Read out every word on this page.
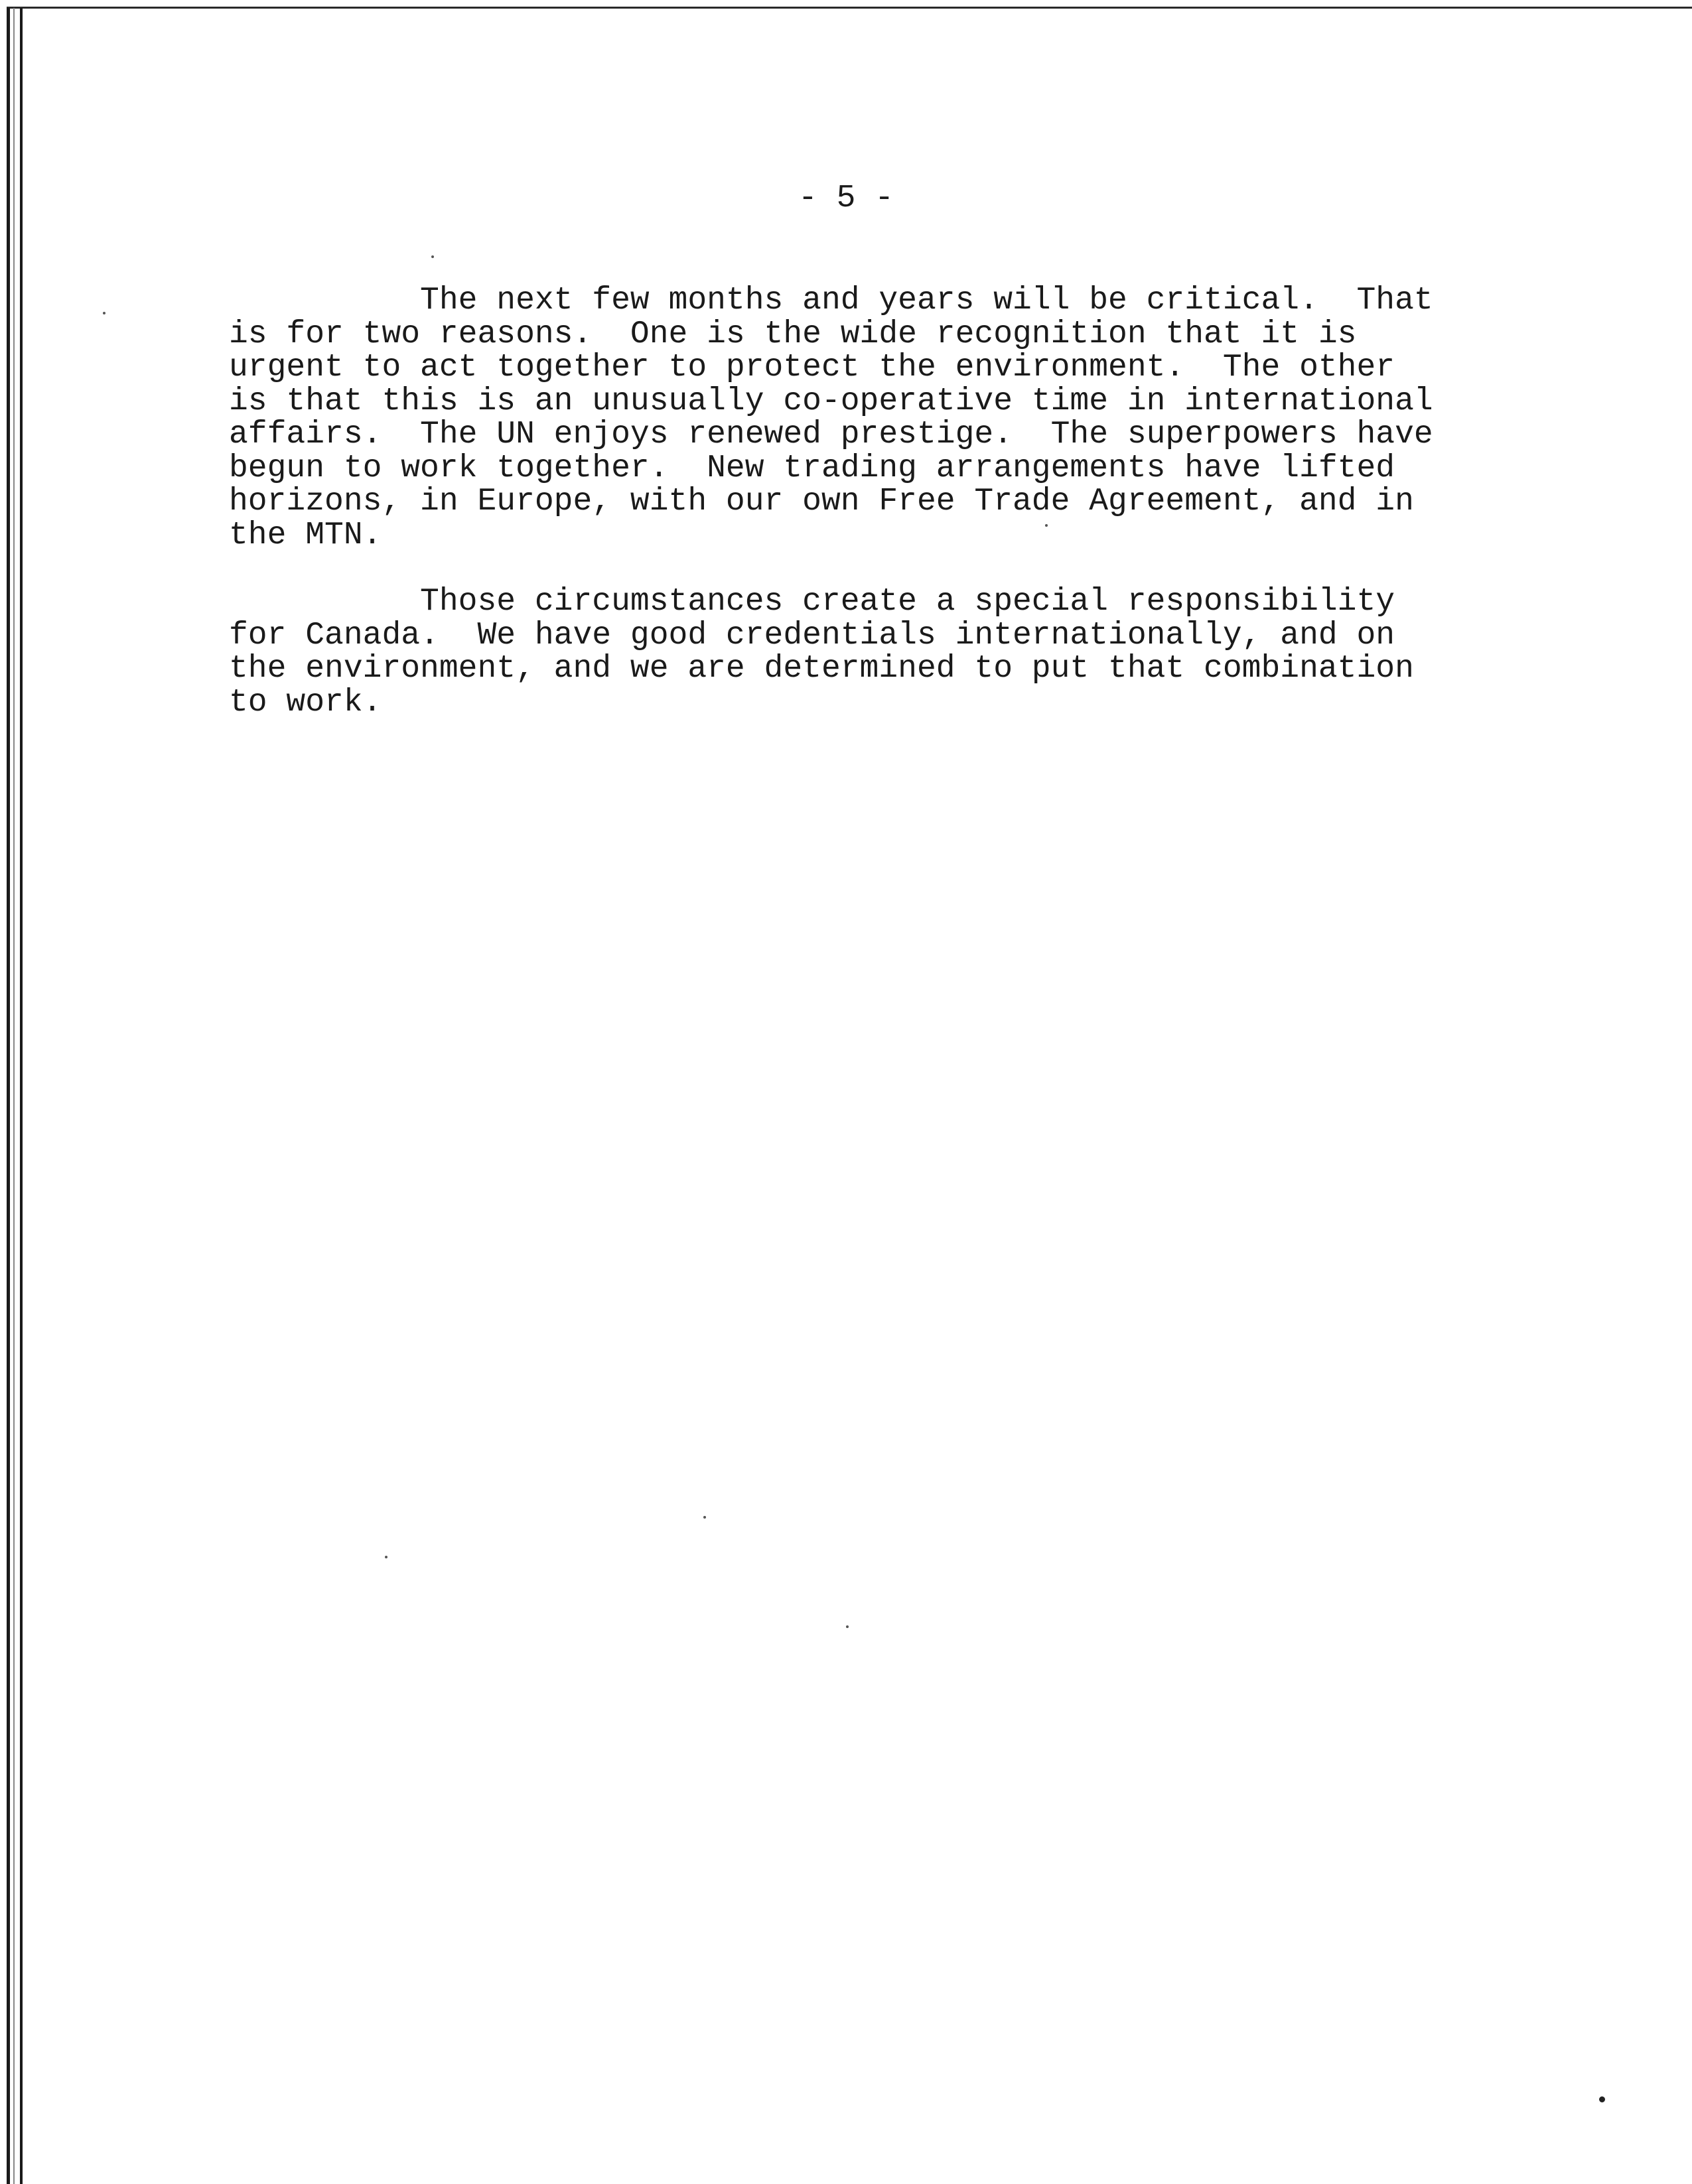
- 5 -

The next few months and years will be critical.  That
is for two reasons.  One is the wide recognition that it is
urgent to act together to protect the environment.  The other
is that this is an unusually co-operative time in international
affairs.  The UN enjoys renewed prestige.  The superpowers have
begun to work together.  New trading arrangements have lifted
horizons, in Europe, with our own Free Trade Agreement, and in
the MTN.

Those circumstances create a special responsibility
for Canada.  We have good credentials internationally, and on
the environment, and we are determined to put that combination
to work.
